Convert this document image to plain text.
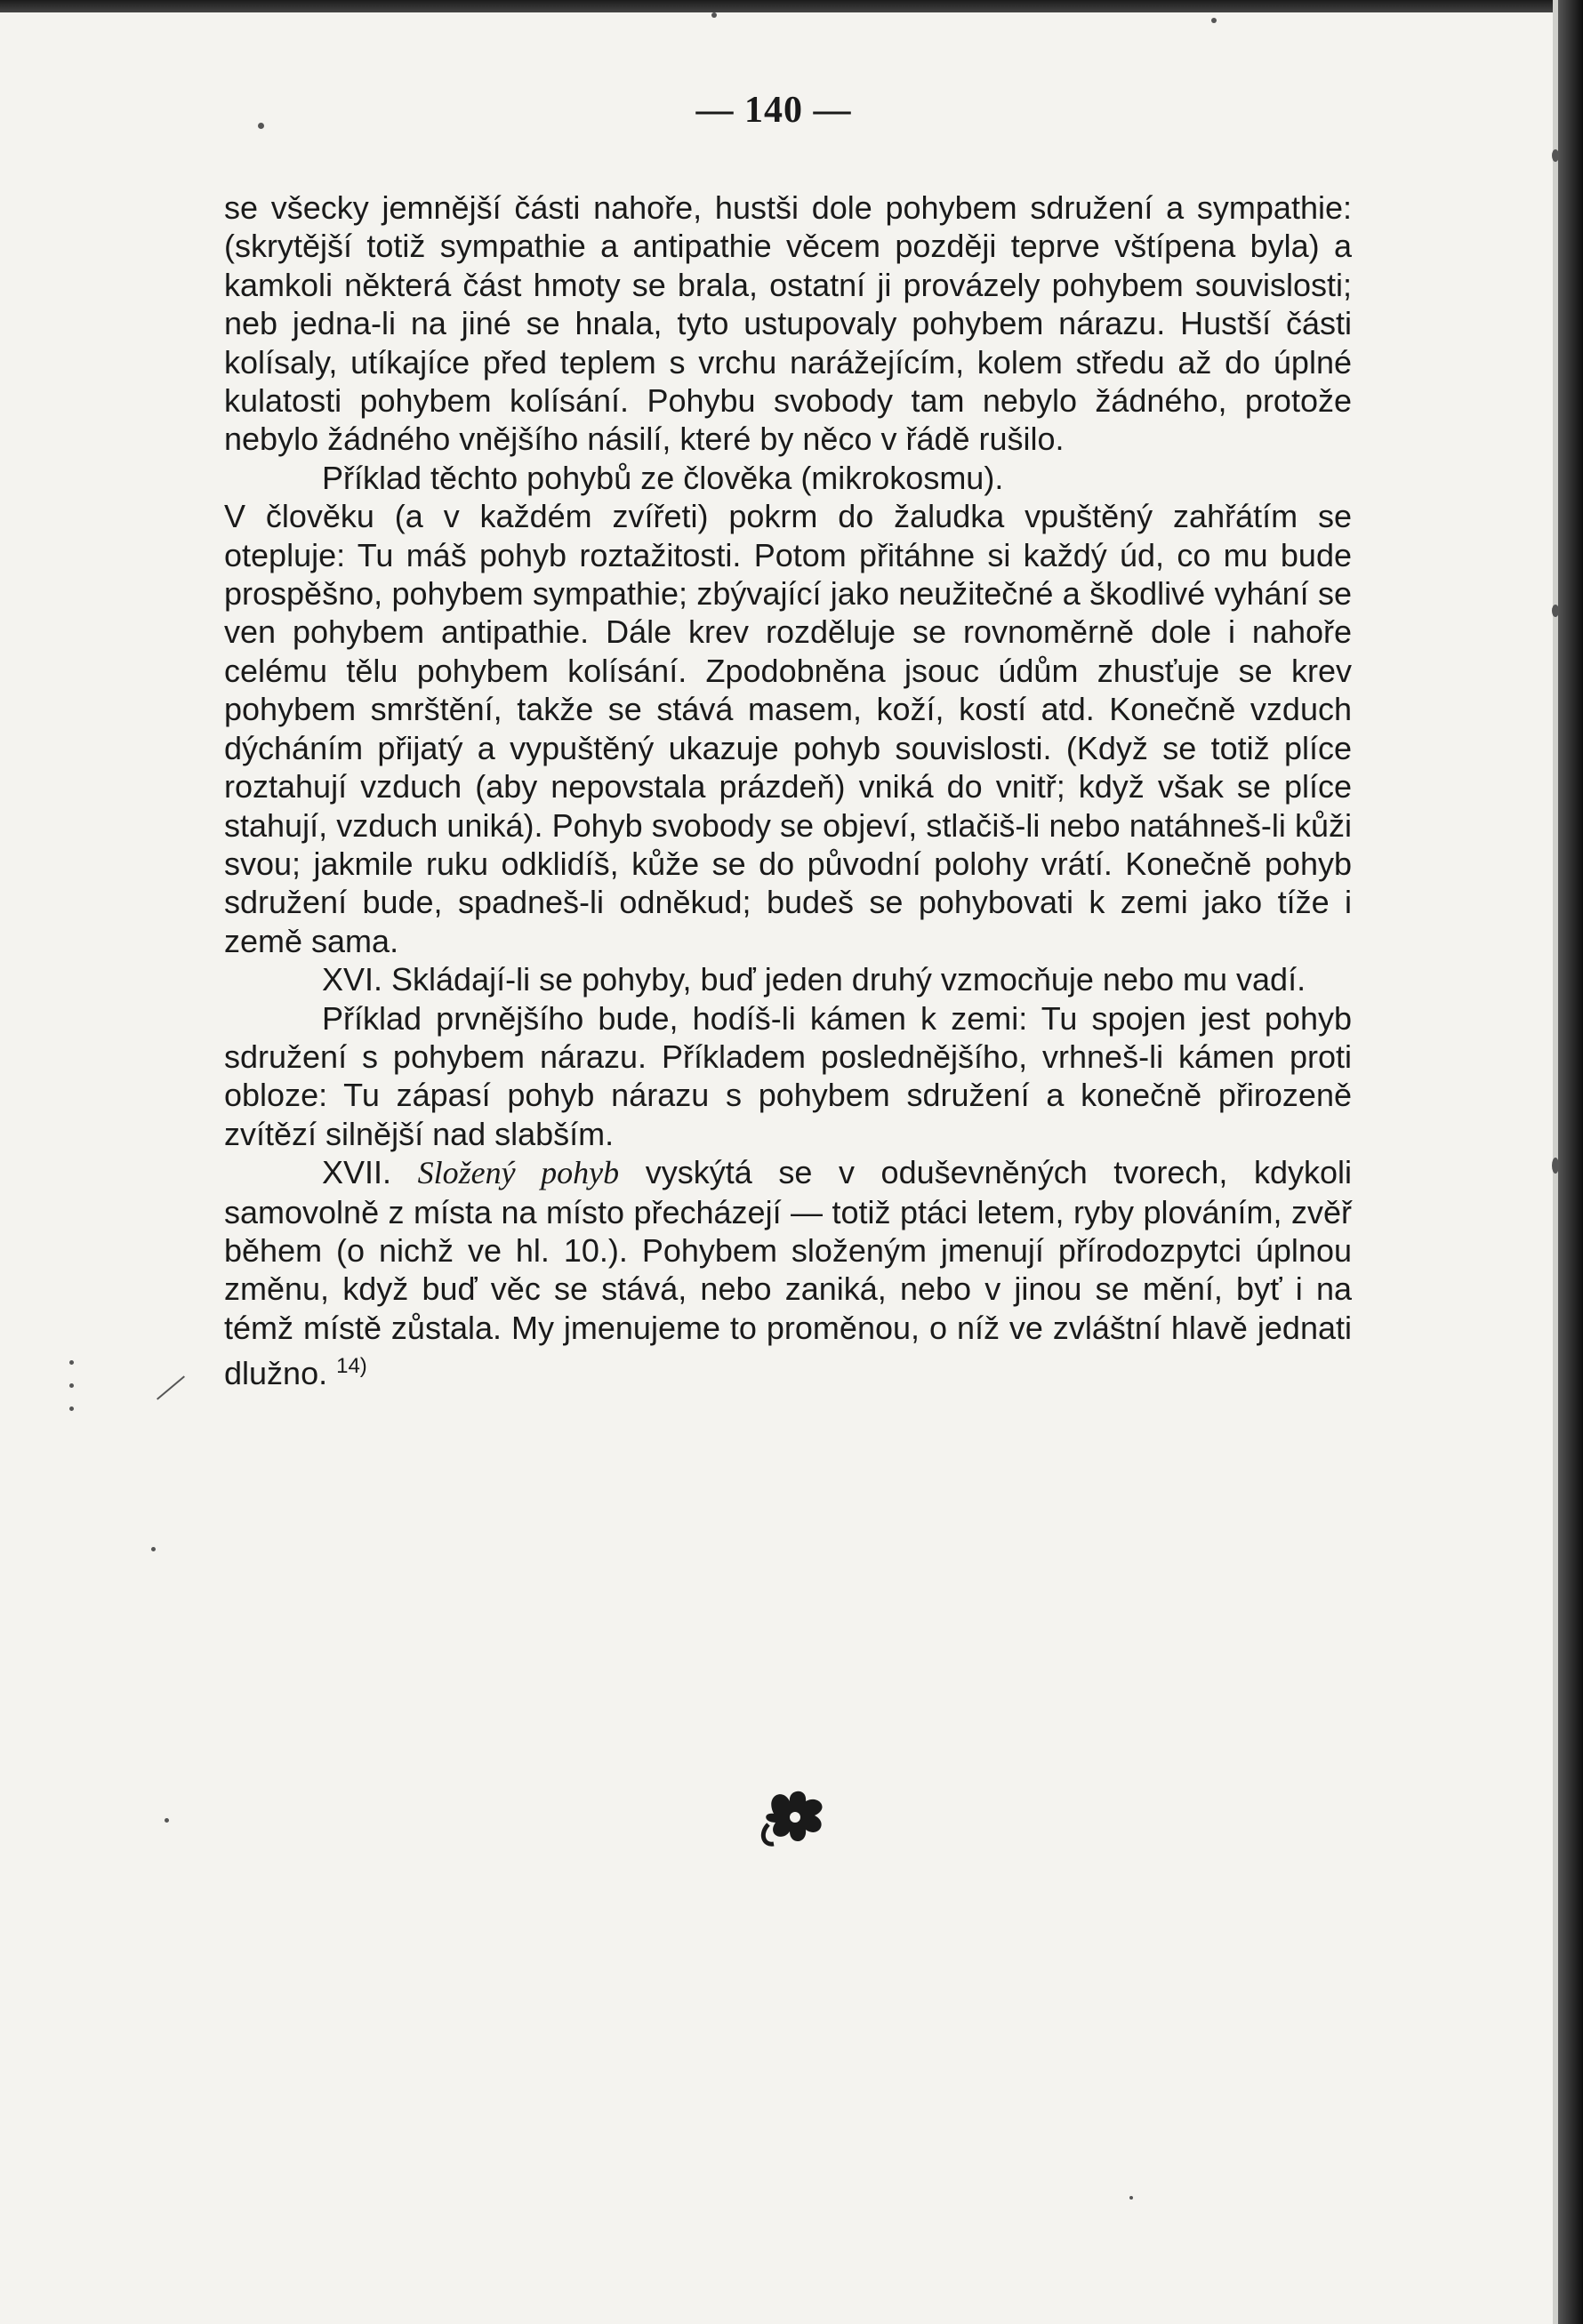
— 140 —

se všecky jemnější části nahoře, hustši dole pohybem sdružení a sympathie: (skrytější totiž sympathie a antipathie věcem později teprve vštípena byla) a kamkoli některá část hmoty se brala, ostatní ji provázely pohybem souvislosti; neb jedna-li na jiné se hnala, tyto ustupovaly pohybem nárazu. Hustší části kolísaly, utíkajíce před teplem s vrchu narážejícím, kolem středu až do úplné kulatosti pohybem kolísání. Pohybu svobody tam nebylo žádného, protože nebylo žádného vnějšího násilí, které by něco v řádě rušilo.

Příklad těchto pohybů ze člověka (mikrokosmu).

V člověku (a v každém zvířeti) pokrm do žaludka vpuštěný zahřátím se otepluje: Tu máš pohyb roztažitosti. Potom přitáhne si každý úd, co mu bude prospěšno, pohybem sympathie; zbývající jako neužitečné a škodlivé vyhání se ven pohybem antipathie. Dále krev rozděluje se rovnoměrně dole i nahoře celému tělu pohybem kolísání. Zpodobněna jsouc údům zhusťuje se krev pohybem smrštění, takže se stává masem, koží, kostí atd. Konečně vzduch dýcháním přijatý a vypuštěný ukazuje pohyb souvislosti. (Když se totiž plíce roztahují vzduch (aby nepovstala prázdeň) vniká do vnitř; když však se plíce stahují, vzduch uniká). Pohyb svobody se objeví, stlačiš-li nebo natáhneš-li kůži svou; jakmile ruku odklidíš, kůže se do původní polohy vrátí. Konečně pohyb sdružení bude, spadneš-li odněkud; budeš se pohybovati k zemi jako tíže i země sama.

XVI. Skládají-li se pohyby, buď jeden druhý vzmocňuje nebo mu vadí.

Příklad prvnějšího bude, hodíš-li kámen k zemi: Tu spojen jest pohyb sdružení s pohybem nárazu. Příkladem poslednějšího, vrhneš-li kámen proti obloze: Tu zápasí pohyb nárazu s pohybem sdružení a konečně přirozeně zvítězí silnější nad slabším.

XVII. Složený pohyb vyskýtá se v oduševněných tvorech, kdykoli samovolně z místa na místo přecházejí — totiž ptáci letem, ryby plováním, zvěř během (o nichž ve hl. 10.). Pohybem složeným jmenují přírodozpytci úplnou změnu, když buď věc se stává, nebo zaniká, nebo v jinou se mění, byť i na témž místě zůstala. My jmenujeme to proměnou, o níž ve zvláštní hlavě jednati dlužno. $^{14)}$
